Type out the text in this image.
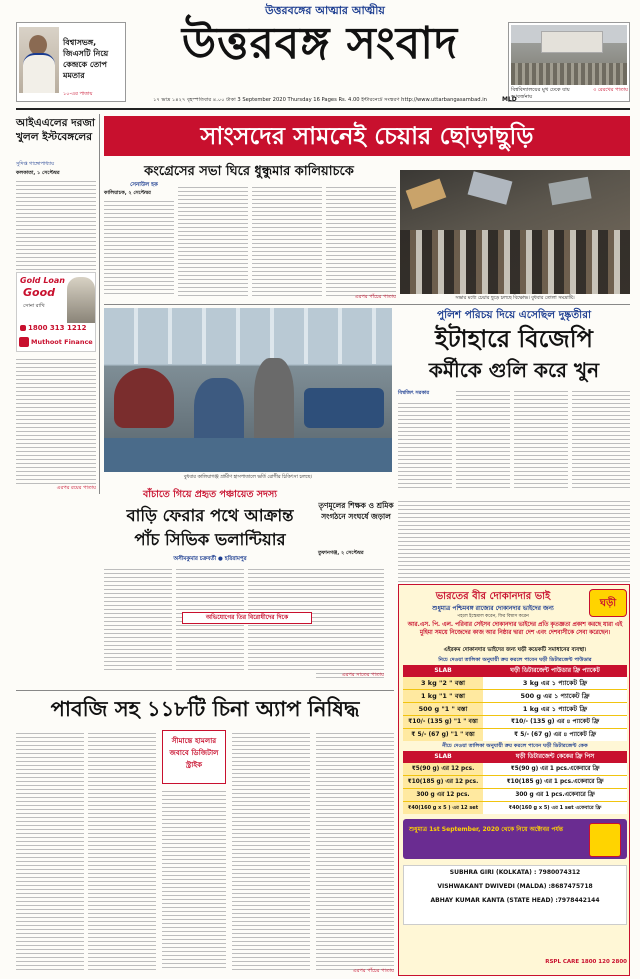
বিশ্বাসভঙ্গ, জিএসটি নিয়ে কেন্দ্রকে তোপ মমতার
১০-এর পাতায়
উত্তরবঙ্গের আত্মার আত্মীয়
উত্তরবঙ্গ সংবাদ
বিশ্ববিদ্যালয়ের মুখ ঢেকে যায় আবর্জনায়
৩ রেরখের পাতায়
১৭ ভাদ্র ১৪২৭ বৃহস্পতিবার ৪.০০ টাকা 3 September 2020 Thursday 16 Pages Rs. 4.00 ইন্টারনেটে সংস্করণ http://www.uttarbangasambad.in	MLD
আইএএলের দরজা খুলল ইস্টবেঙ্গলের
সুদিপ্ত গাঙ্গোপাধ্যায়
কলকাতা, ১ সেপ্টেম্বর
Gold Loan
Good
সোনা রাখি
1800 313 1212
Muthoot Finance
এরপর রয়ের পাতায়
সাংসদের সামনেই চেয়ার ছোড়াছুড়ি
কংগ্রেসের সভা ঘিরে ধুন্ধুমার কালিয়াচকে
সেনাউল হক
কালিয়াচক, ২ সেপ্টেম্বর
এরপর পাঁচের পাতায়	সভার মধ্যে চেয়ার ছুড়ে চলছে বিক্ষোভ। বুধবার তোলা সমদ্রাষ্টি।
বুধবার কালিয়াগঞ্জ গ্রামীণ হাসপাতালে ভর্তি রোগীর চিকিৎসা চলছে।
পুলিশ পরিচয় দিয়ে এসেছিল দুষ্কৃতীরা
ইটাহারে বিজেপি
কর্মীকে গুলি করে খুন
বিশ্বজিৎ সরকার
বাঁচাতে গিয়ে প্রহৃত পঞ্চায়েত সদস্য
বাড়ি ফেরার পথে আক্রান্ত
পাঁচ সিভিক ভলান্টিয়ার
অসীমকুমার চক্রবর্তী ● হরিরামপুর
অভিযোগের তির বিরোধীদের দিকে
এরপর সাতের পাতায়
তৃণমূলের শিক্ষক ও শ্রমিক সংগঠনে সংঘর্ষে জড়াল
তুফানগঞ্জ, ২ সেপ্টেম্বর
ভারতের বীর দোকানদার ভাই
শুধুমাত্র পশ্চিমবঙ্গ রাজ্যের দোকানদার ভাইদের জন্য	ঘড়ী
পহলে ইস্তেমাল করেন, ফির বিশ্বাস করেন
আর.এস. পি. এল. পরিবার সেইসব দোকানদার ভাইদের প্রতি কৃতজ্ঞতা প্রকাশ করছে যারা এই মুহিমা সময়ে নিজেদের কাজ আর নিষ্ঠার দ্বারা দেশ এবং দেশবাসীকে সেবা করেছেন।
এইরকম দোকানদার ভাইদের জন্য ঘড়ী কয়েকটি সমাধানের ব্যবস্থা।
নিচে দেওয়া তালিকা অনুযায়ী ক্রয় করলে পাবেন ঘড়ী ডিটারজেন্ট পাউডার
SLAB	ঘড়ী ডিটারজেন্ট পাউডার ফ্রি প্যাকেট
3 kg "2 " বস্তা	3 kg এর ১ প্যাকেট ফ্রি
1 kg "1 " বস্তা	500 g এর ১ প্যাকেট ফ্রি
500 g "1 " বস্তা	1 kg এর ১ প্যাকেট ফ্রি
₹10/- (135 g) "1 " বস্তা	₹10/- (135 g) এর ৪ প্যাকেট ফ্রি
₹ 5/- (67 g) "1 " বস্তা	₹ 5/- (67 g) এর ৪ প্যাকেট ফ্রি
নীচে দেওয়া তালিকা অনুযায়ী ক্রয় করলে পাবেন ঘড়ী ডিটারজেন্ট কেক
SLAB	ঘড়ী ডিটারজেন্ট কেকের ফ্রি পিস
₹5(90 g) এর 12 pcs.	₹5(90 g) এর 1 pcs.একেবারে ফ্রি
₹10(185 g) এর 12 pcs.	₹10(185 g) এর 1 pcs.একেবারে ফ্রি
300 g এর 12 pcs.	300 g এর 1 pcs.একেবারে ফ্রি
₹40(160 g x 5 ) এর 12 set	₹40(160 g x 5) এর 1 set একেবারে ফ্রি
শুধুমাত্র 1st September, 2020 থেকে নিয়ে অক্টোবর পর্যন্ত
SUBHRA GIRI (KOLKATA) : 7980074312
VISHWAKANT DWIVEDI (MALDA) :8687475718
ABHAY KUMAR KANTA (STATE HEAD) :7978442144
RSPL CARE 1800 120 2800
পাবজি সহ ১১৮টি চিনা অ্যাপ নিষিদ্ধ
সীমান্তে হামলার জবাবে ডিজিটাল স্ট্রাইক
এরপর পাঁচের পাতায়
